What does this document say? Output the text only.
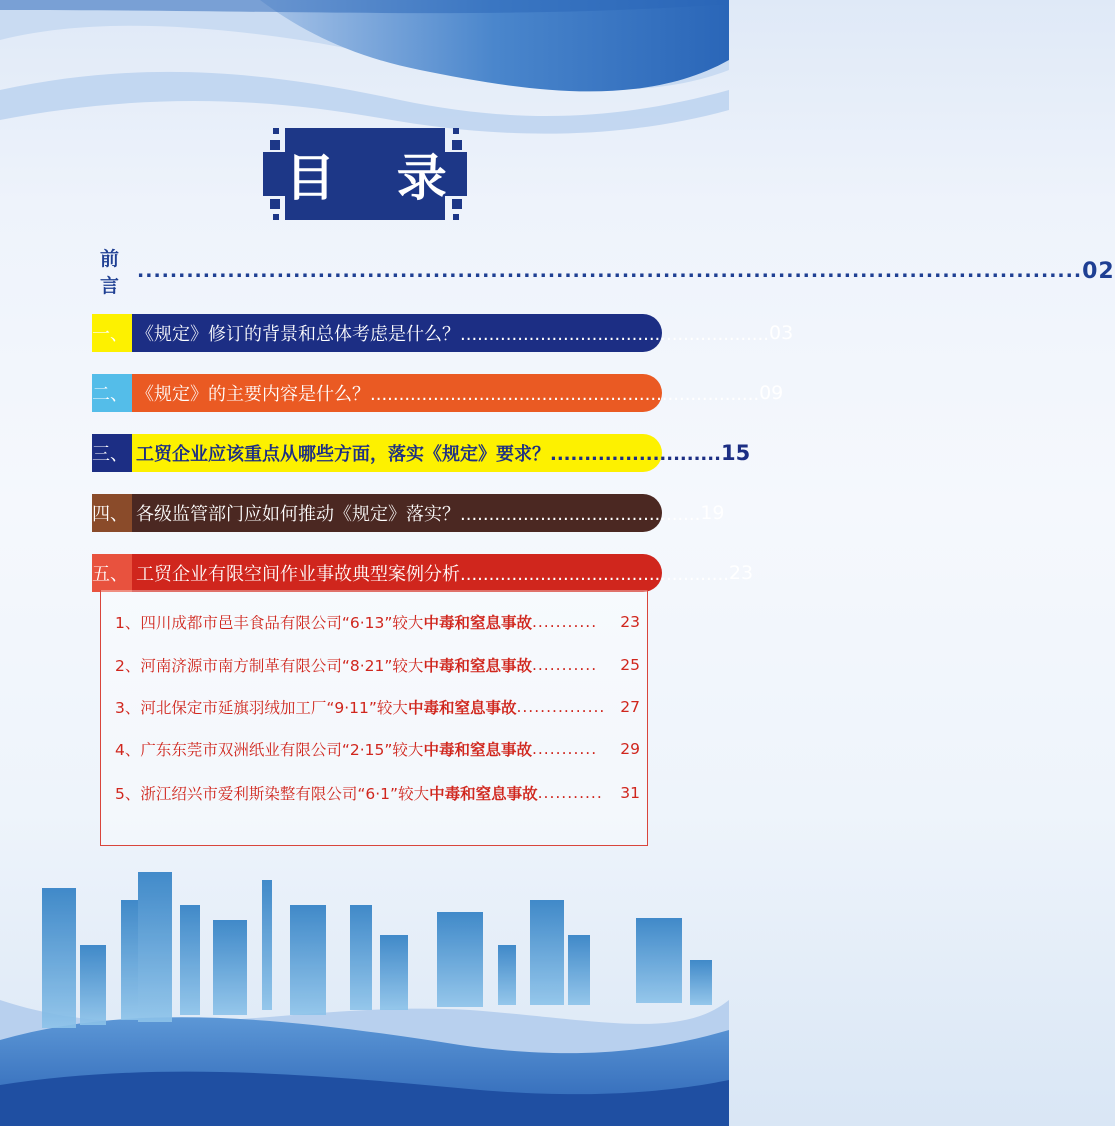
目 录
前 言
................................................................................................................... 02
一、 《规定》修订的背景和总体考虑是什么？...................................................... 03
二、 《规定》的主要内容是什么？.................................................................... 09
三、 工贸企业应该重点从哪些方面，落实《规定》要求？......................... 15
四、 各级监管部门应如何推动《规定》落实？.......................................... 19
五、 工贸企业有限空间作业事故典型案例分析............................................... 23
1、四川成都市邑丰食品有限公司“6·13”较大 中毒和窒息事故 ...........	23
2、河南济源市南方制革有限公司“8·21”较大 中毒和窒息事故 ...........	25
3、河北保定市延旗羽绒加工厂“9·11”较大 中毒和窒息事故 ............... 27
4、广东东莞市双洲纸业有限公司“2·15”较大 中毒和窒息事故 ...........	29
5、浙江绍兴市爱利斯染整有限公司“6·1”较大 中毒和窒息事故 ...........	31
